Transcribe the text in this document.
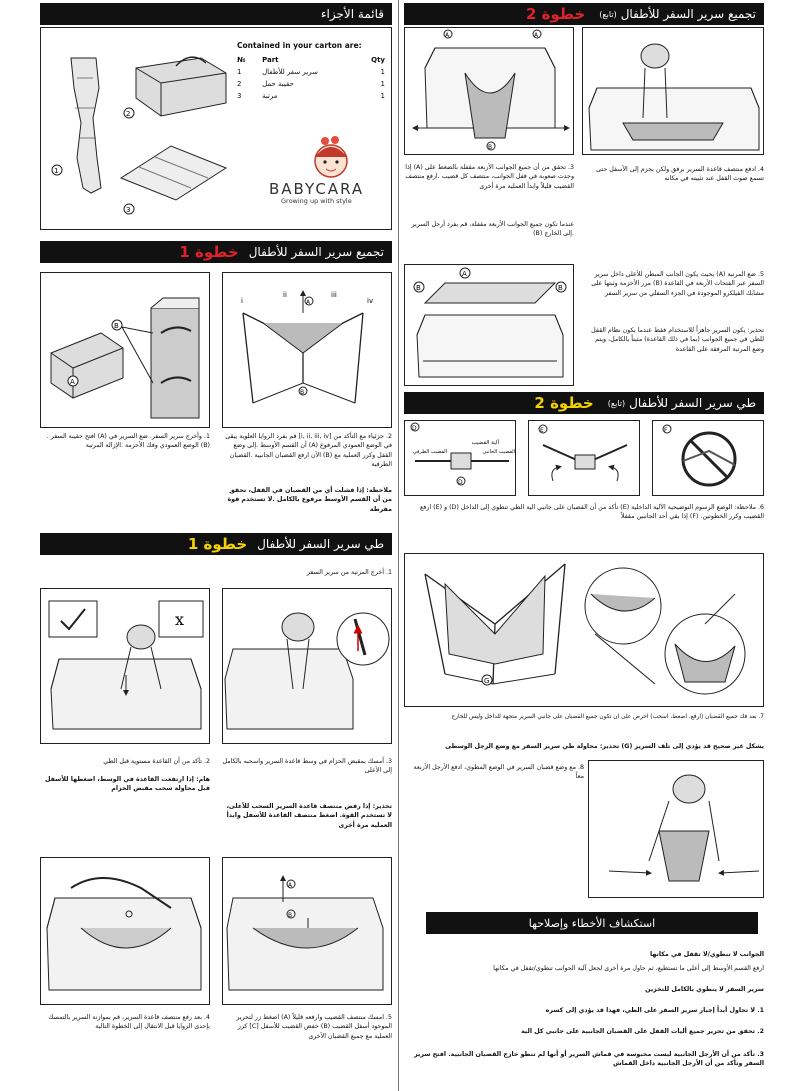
قائمة الأجزاء
1
2
3
Contained in your carton are:
№	Part	Qty
1	سرير سفر للأطفال	1
2	حقيبة حمل	1
3	مرتبة	1
BABYCARA
Growing up with style
خطوة 1 تجميع سرير السفر للأطفال
A
B
A
B
i
ii	iii
iv
1. وأخرج سرير السفر. ضع السرير في (A) افتح حقيبة السفر .(B) الوضع العمودي وفك الأحزمة .الإزالة المرتبة
2. جزئياء مع التأكد من [i, ii, iii, iv] قم بفرد الزوايا العلوية يبقى في الوضع العمودي المرفوع (A) أن القسم الأوسط .إلى وضع القفل وكرر العملية مع (B) الأن ارفع القضبان الجانبية .القضبان الطرفية
ملاحظة: إذا فشلت أي من القضبان في القفل، تحقق من أن القسم الأوسط مرفوع بالكامل .لا تستخدم قوة مفرطة
خطوة 1 طي سرير السفر للأطفال
1. أخرج المرتبة من سرير السفر
x
2. تأكد من أن القاعدة مستوية قبل الطي
هام: إذا ارتفعت القاعدة في الوسط، اضغطها للأسفل قبل محاولة سحب مقبض الحزام
3. أمسك بمقبض الحزام في وسط قاعدة السرير واسحبه بالكامل إلى الأعلى
تحذير: إذا رفض منتصف قاعدة السرير السحب للأعلى، لا تستخدم القوة. اضغط منتصف القاعدة للأسفل وابدأ العملية مرة أخرى
A
B
4. بعد رفع منتصف قاعدة السرير، قم بموازنة السرير بالتمسك بإحدى الزوايا قبل الانتقال إلى الخطوة التالية
5. امسك منتصف القضيب وارفعه قليلاً (A) اضغط زر لتحرير الموجود أسفل القضيب (B) خفض القضيب للأسفل [C] كرر العملية مع جميع القضبان الأخرى
خطوة 2 (تابع) تجميع سرير السفر للأطفال
A	A
B
3. تحقق من أن جميع الجوانب الأربعة مقفلة بالضغط على (A) إذا وجدت صعوبة في قفل الجوانب، منتصف كل قضيب .ارفع منتصف القضيب قليلاً وابدأ العملية مرة أخرى
عندما تكون جميع الجوانب الأربعة مقفلة، قم بفرد أرجل السرير .إلى الخارج (B)
4. ادفع منتصف قاعدة السرير برفق ولكن بحزم إلى الأسفل حتى تسمع صوت القفل عند تثبيته في مكانه
B	B
A	5. ضع المرتبة (A) بحيث يكون الجانب المبطن للأعلى داخل سرير السفر عبر الفتحات الأربعة في القاعدة (B) مرر الأحزمة وثبتها على مشابك الفيلكرو الموجودة في الجزء السفلي من سرير السفر
تحذير: يكون السرير جاهزاً للاستخدام فقط عندما يكون نظام القفل للطي في جميع الجوانب (بما في ذلك القاعدة) مثبتاً بالكامل، ويتم وضع المرتبة المرفقة على القاعدة
خطوة 2 (تابع) طي سرير السفر للأطفال
D
D
آلية القضيب
القضيب الطرفي	القضيب الجانبي
E	F
6. ملاحظة: الوضع الرسوم التوضيحية الآلية الداخلية (E) تأكد من أن القضبان على جانبي الية الطي تنطوي إلى الداخل (D) و (E) ارفع القضيب وكرر الخطوتين. (F) إذا بقي أحد الجانبين مقفلاً
G
7. بعد فك جميع القضبان (ارفع، اضغط، اسحب) احرص على ان تكون جميع القضبان على جانبي السرير متجهة للداخل وليس للخارج
يشكل غير صحيح قد يؤدي إلى تلف السرير (G) تحذير: محاولة طي سرير السفر مع وضع الرجل الوسطى
8. مع وضع قضبان السرير في الوضع المطوي، ادفع الأرجل الأربعة معاً
استكشاف الأخطاء وإصلاحها
الجوانب لا تنطوي/لا تقفل في مكانها
ارفع القسم الأوسط إلى أعلى ما تستطيع، ثم حاول مرة أخرى لجعل آلية الجوانب تنطوي/تقفل في مكانها
سرير السفر لا ينطوي بالكامل للتخزين
1. لا تحاول أبداً إجبار سرير السفر على الطي، فهذا قد يؤدي إلى كسره
2. تحقق من تحرير جميع أليات القفل على القضبان الجانبية على جانبي كل الية
3. تأكد من أن الأرجل الجانبية ليست محبوسة في قماش السرير أو أنها لم تنطو خارج القضبان الجانبية. افتح سرير السفر وتأكد من أن الأرجل الجانبية داخل القماش
